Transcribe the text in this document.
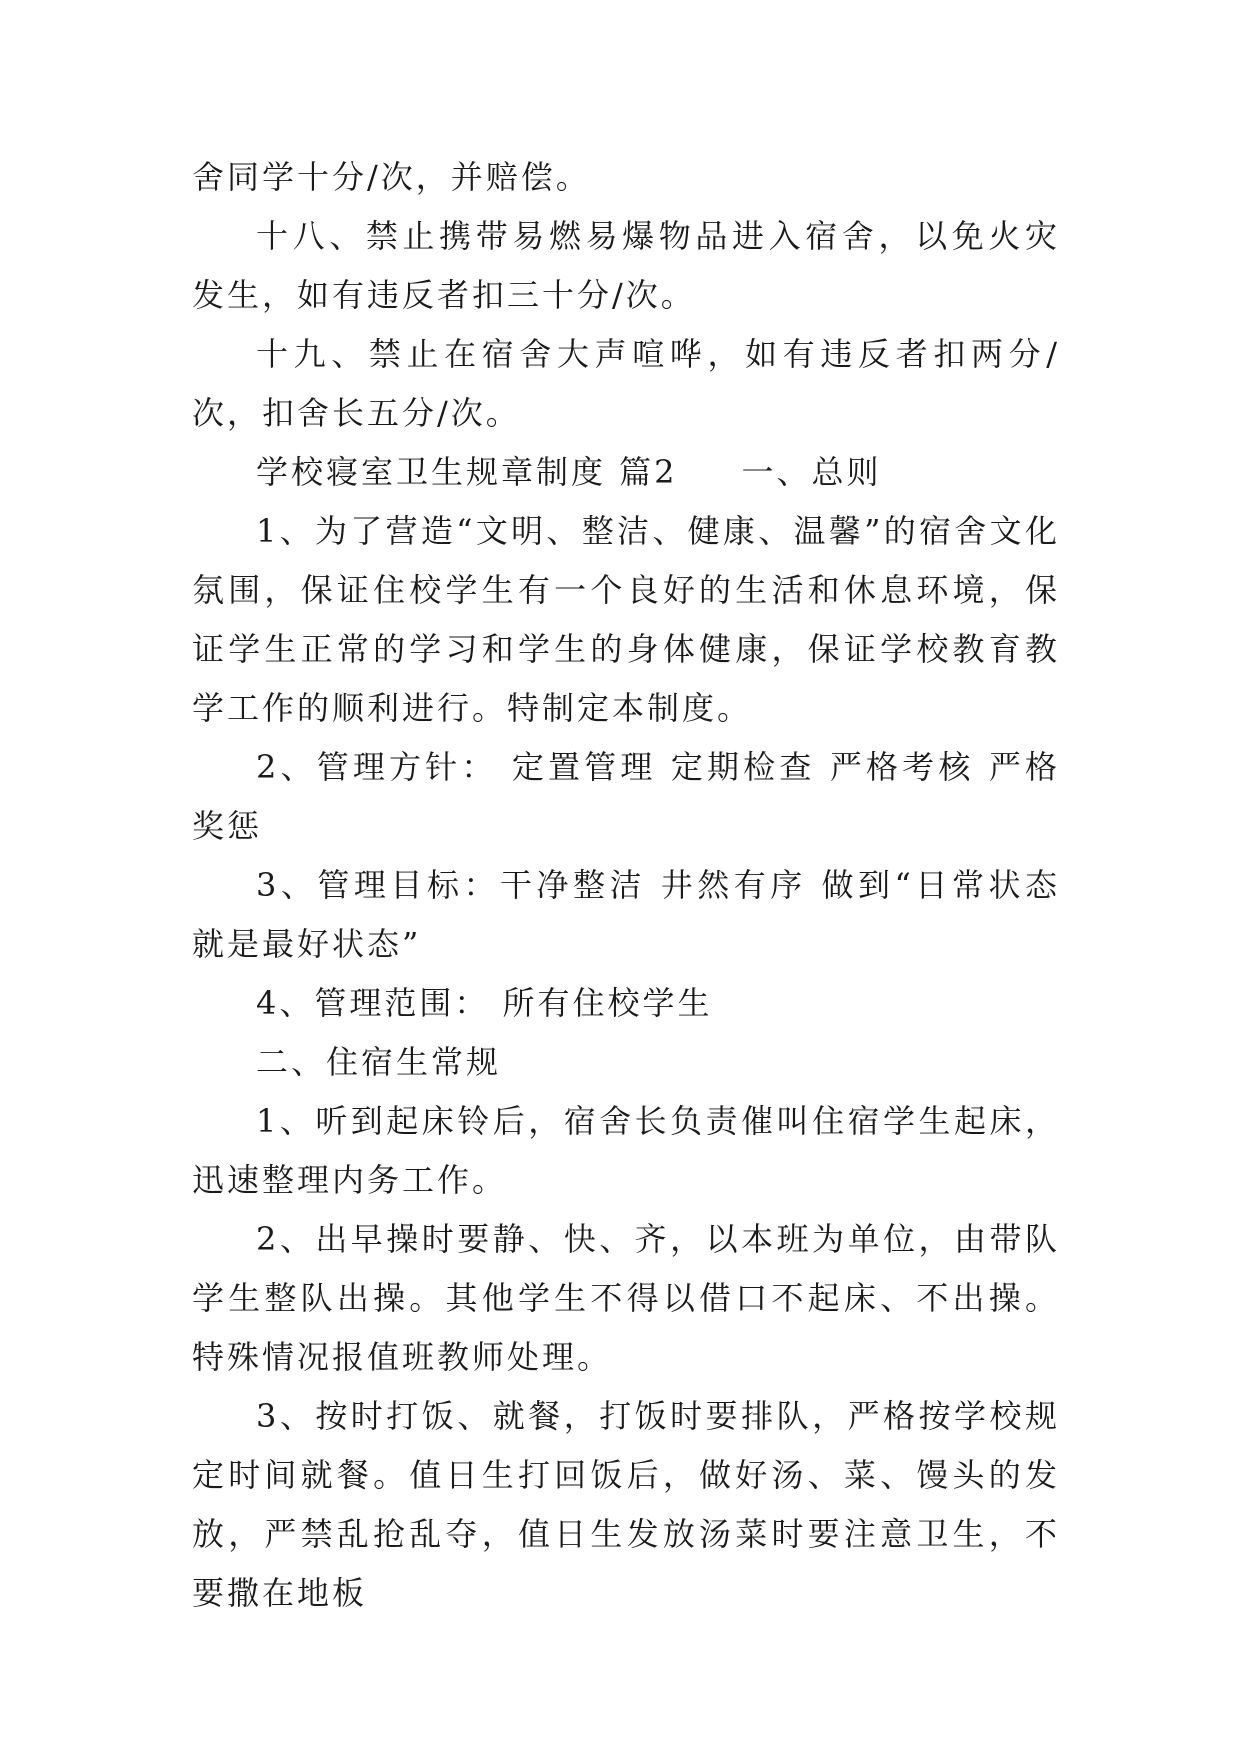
舍同学十分/次，并赔偿。

十八、禁止携带易燃易爆物品进入宿舍，以免火灾发生，如有违反者扣三十分/次。

十九、禁止在宿舍大声喧哗，如有违反者扣两分/次，扣舍长五分/次。

学校寝室卫生规章制度 篇2 一、总则

1、为了营造“文明、整洁、健康、温馨”的宿舍文化氛围，保证住校学生有一个良好的生活和休息环境，保证学生正常的学习和学生的身体健康，保证学校教育教学工作的顺利进行。特制定本制度。

2、管理方针： 定置管理 定期检查 严格考核 严格奖惩

3、管理目标：干净整洁 井然有序 做到“日常状态就是最好状态”

4、管理范围： 所有住校学生

二、住宿生常规

1、听到起床铃后，宿舍长负责催叫住宿学生起床，迅速整理内务工作。

2、出早操时要静、快、齐，以本班为单位，由带队学生整队出操。其他学生不得以借口不起床、不出操。特殊情况报值班教师处理。

3、按时打饭、就餐，打饭时要排队，严格按学校规定时间就餐。值日生打回饭后，做好汤、菜、馒头的发放，严禁乱抢乱夺，值日生发放汤菜时要注意卫生，不要撒在地板
